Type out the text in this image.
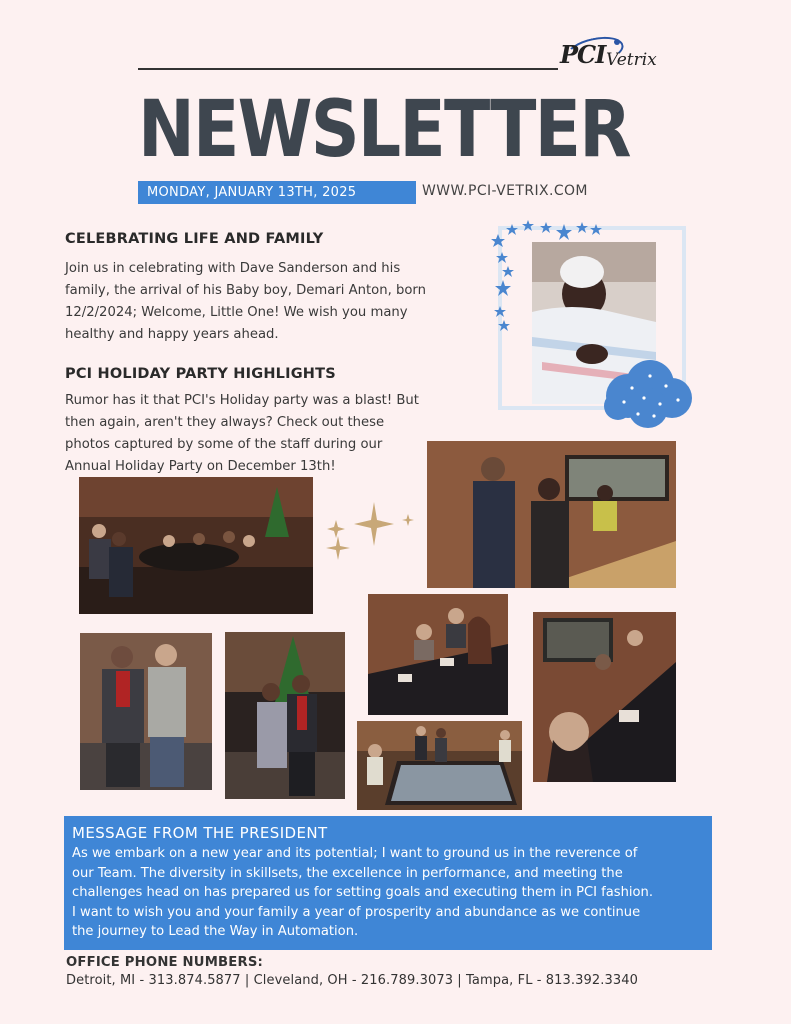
PCI Vetrix
NEWSLETTER
MONDAY, JANUARY 13TH, 2025	WWW.PCI-VETRIX.COM
CELEBRATING LIFE AND FAMILY
Join us in celebrating with Dave Sanderson and his
family, the arrival of his Baby boy, Demari Anton, born
12/2/2024; Welcome, Little One! We wish you many
healthy and happy years ahead.
PCI HOLIDAY PARTY HIGHLIGHTS
Rumor has it that PCI's Holiday party was a blast! But
then again, aren't they always? Check out these
photos captured by some of the staff during our
Annual Holiday Party on December 13th!
MESSAGE FROM THE PRESIDENT
As we embark on a new year and its potential; I want to ground us in the reverence of
our Team. The diversity in skillsets, the excellence in performance, and meeting the
challenges head on has prepared us for setting goals and executing them in PCI fashion.
I want to wish you and your family a year of prosperity and abundance as we continue
the journey to Lead the Way in Automation.
OFFICE PHONE NUMBERS:
Detroit, MI - 313.874.5877 | Cleveland, OH - 216.789.3073 | Tampa, FL - 813.392.3340
